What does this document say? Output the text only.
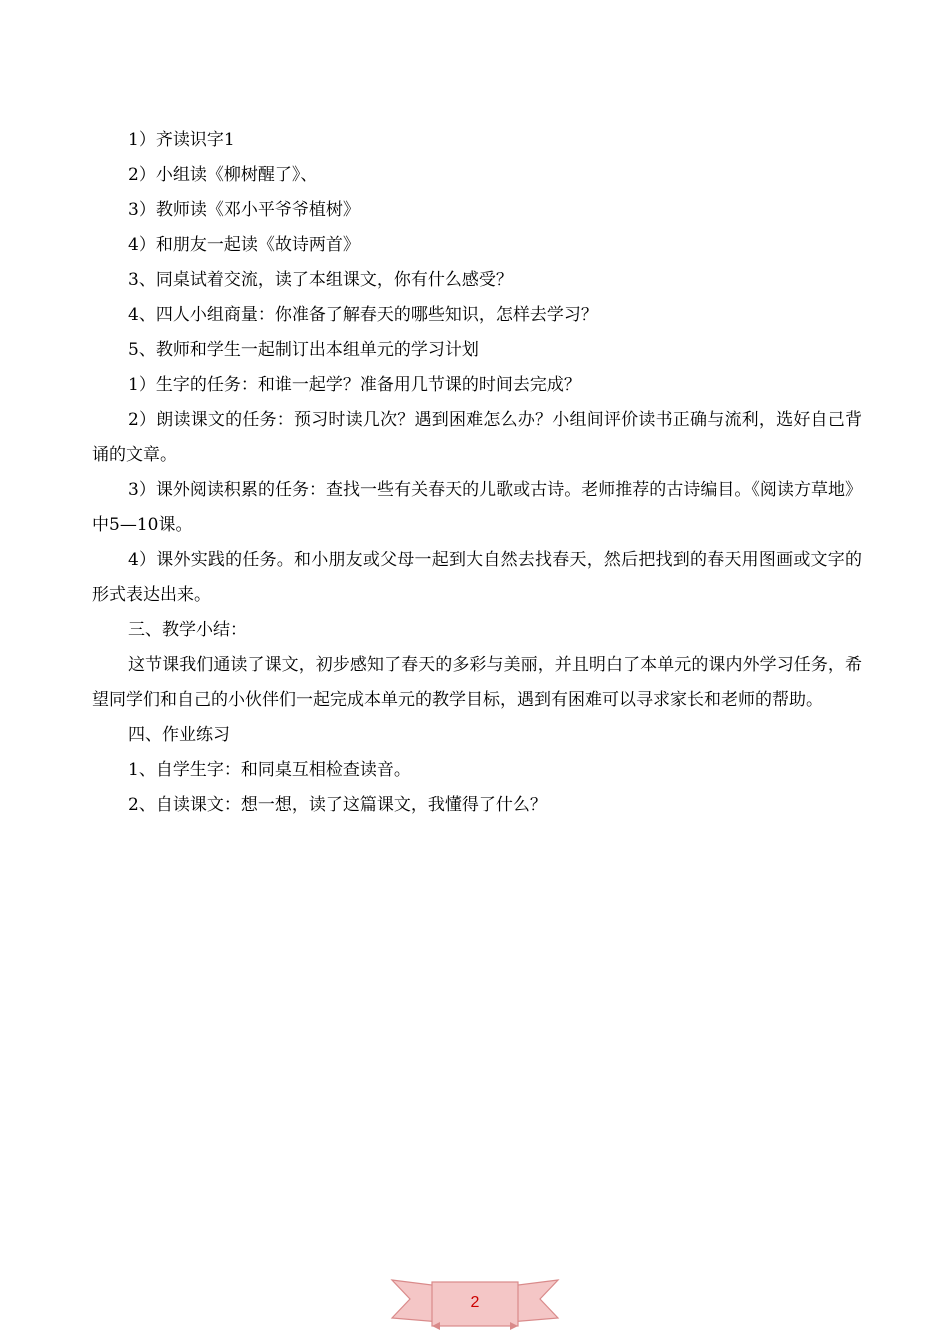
1）齐读识字1

2）小组读《柳树醒了》、

3）教师读《邓小平爷爷植树》

4）和朋友一起读《故诗两首》

3、同桌试着交流，读了本组课文，你有什么感受？

4、四人小组商量：你准备了解春天的哪些知识，怎样去学习？

5、教师和学生一起制订出本组单元的学习计划

1）生字的任务：和谁一起学？准备用几节课的时间去完成？

2）朗读课文的任务：预习时读几次？遇到困难怎么办？小组间评价读书正确与流利，选好自己背诵的文章。

3）课外阅读积累的任务：查找一些有关春天的儿歌或古诗。老师推荐的古诗编目。《阅读方草地》中5—10课。

4）课外实践的任务。和小朋友或父母一起到大自然去找春天，然后把找到的春天用图画或文字的形式表达出来。

三、教学小结：

这节课我们通读了课文，初步感知了春天的多彩与美丽，并且明白了本单元的课内外学习任务，希望同学们和自己的小伙伴们一起完成本单元的教学目标，遇到有困难可以寻求家长和老师的帮助。

四、作业练习

1、自学生字：和同桌互相检查读音。

2、自读课文：想一想，读了这篇课文，我懂得了什么？

2
